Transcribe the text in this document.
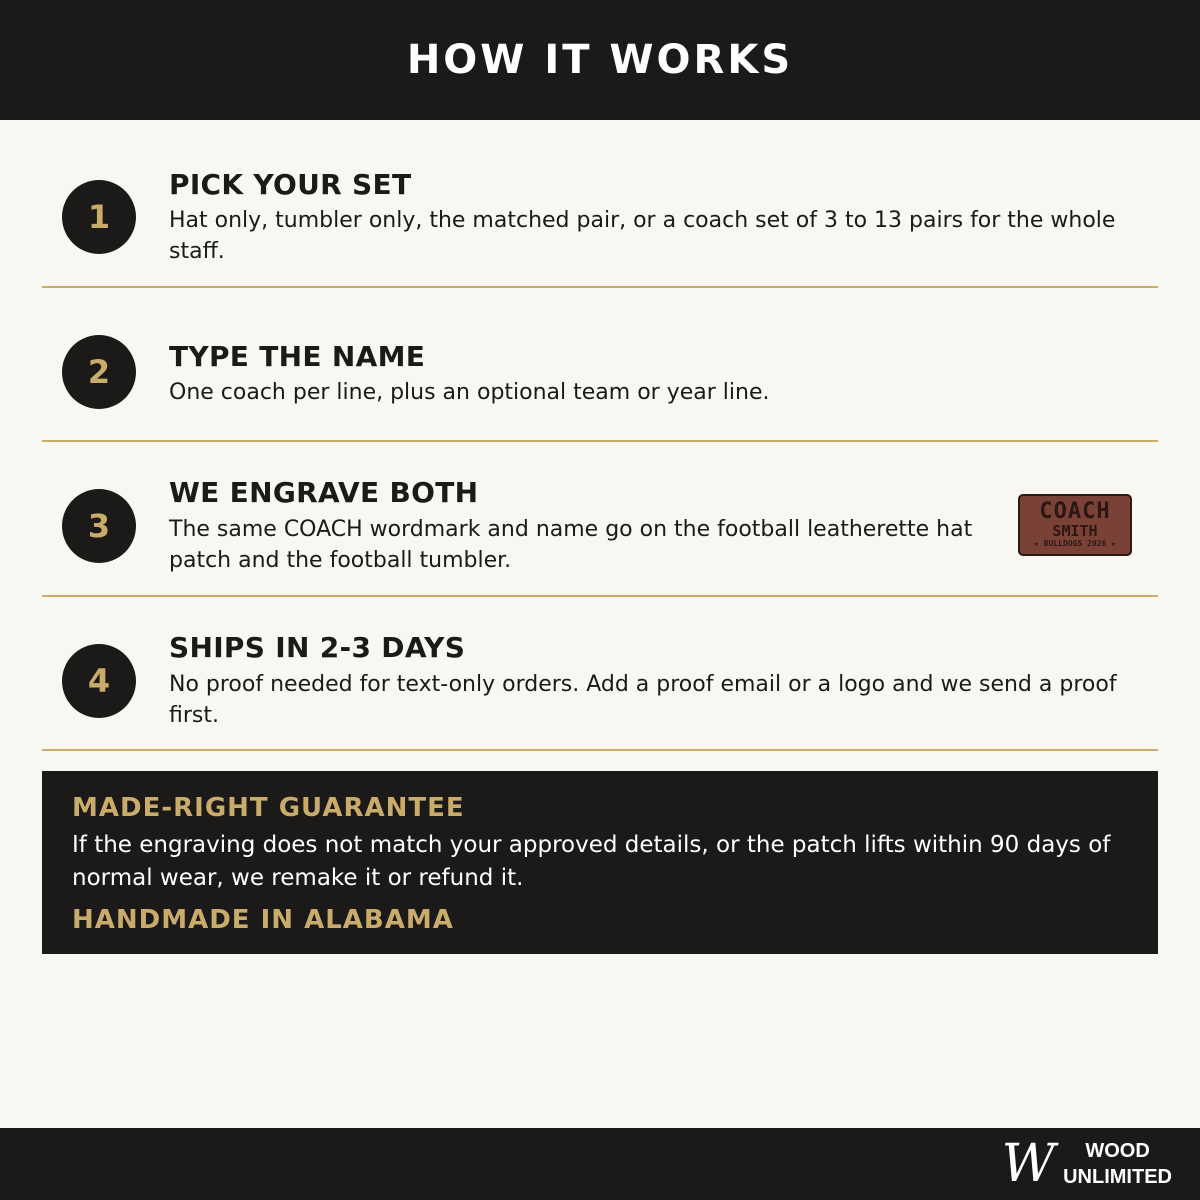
HOW IT WORKS
1
PICK YOUR SET
Hat only, tumbler only, the matched pair, or a coach set of 3 to 13 pairs for the whole staff.
2	TYPE THE NAME
One coach per line, plus an optional team or year line.
3
WE ENGRAVE BOTH
The same COACH wordmark and name go on the football leatherette hat patch and the football tumbler.
COACH
SMITH
★ BULLDOGS 2026 ★
4
SHIPS IN 2-3 DAYS
No proof needed for text-only orders. Add a proof email or a logo and we send a proof first.
MADE-RIGHT GUARANTEE
If the engraving does not match your approved details, or the patch lifts within 90 days of normal wear, we remake it or refund it.
HANDMADE IN ALABAMA
W WOOD
UNLIMITED
